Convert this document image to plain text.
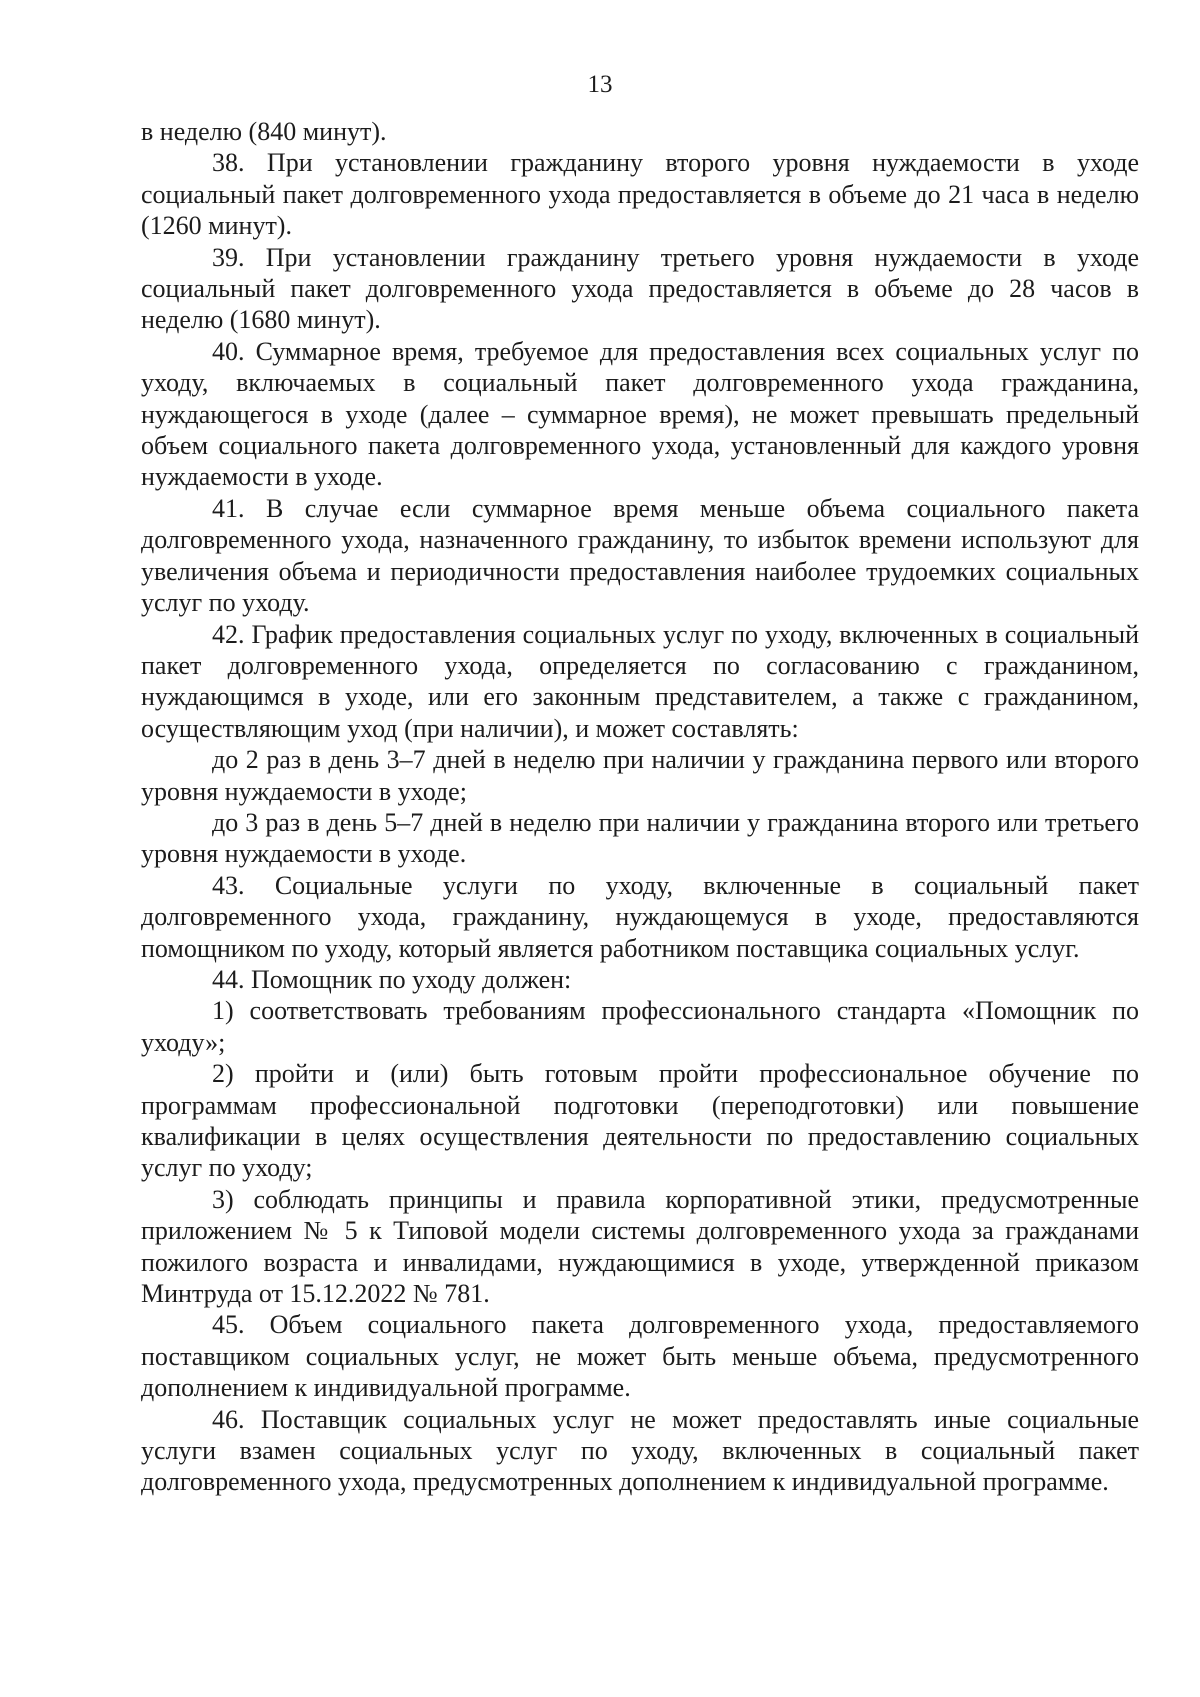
13

в неделю (840 минут).

38. При установлении гражданину второго уровня нуждаемости в уходе социальный пакет долговременного ухода предоставляется в объеме до 21 часа в неделю (1260 минут).

39. При установлении гражданину третьего уровня нуждаемости в уходе социальный пакет долговременного ухода предоставляется в объеме до 28 часов в неделю (1680 минут).

40. Суммарное время, требуемое для предоставления всех социальных услуг по уходу, включаемых в социальный пакет долговременного ухода гражданина, нуждающегося в уходе (далее – суммарное время), не может превышать предельный объем социального пакета долговременного ухода, установленный для каждого уровня нуждаемости в уходе.

41. В случае если суммарное время меньше объема социального пакета долговременного ухода, назначенного гражданину, то избыток времени используют для увеличения объема и периодичности предоставления наиболее трудоемких социальных услуг по уходу.

42. График предоставления социальных услуг по уходу, включенных в социальный пакет долговременного ухода, определяется по согласованию с гражданином, нуждающимся в уходе, или его законным представителем, а также с гражданином, осуществляющим уход (при наличии), и может составлять:

до 2 раз в день 3–7 дней в неделю при наличии у гражданина первого или второго уровня нуждаемости в уходе;

до 3 раз в день 5–7 дней в неделю при наличии у гражданина второго или третьего уровня нуждаемости в уходе.

43. Социальные услуги по уходу, включенные в социальный пакет долговременного ухода, гражданину, нуждающемуся в уходе, предоставляются помощником по уходу, который является работником поставщика социальных услуг.

44. Помощник по уходу должен:

1) соответствовать требованиям профессионального стандарта «Помощник по уходу»;

2) пройти и (или) быть готовым пройти профессиональное обучение по программам профессиональной подготовки (переподготовки) или повышение квалификации в целях осуществления деятельности по предоставлению социальных услуг по уходу;

3) соблюдать принципы и правила корпоративной этики, предусмотренные приложением № 5 к Типовой модели системы долговременного ухода за гражданами пожилого возраста и инвалидами, нуждающимися в уходе, утвержденной приказом Минтруда от 15.12.2022 № 781.

45. Объем социального пакета долговременного ухода, предоставляемого поставщиком социальных услуг, не может быть меньше объема, предусмотренного дополнением к индивидуальной программе.

46. Поставщик социальных услуг не может предоставлять иные социальные услуги взамен социальных услуг по уходу, включенных в социальный пакет долговременного ухода, предусмотренных дополнением к индивидуальной программе.
